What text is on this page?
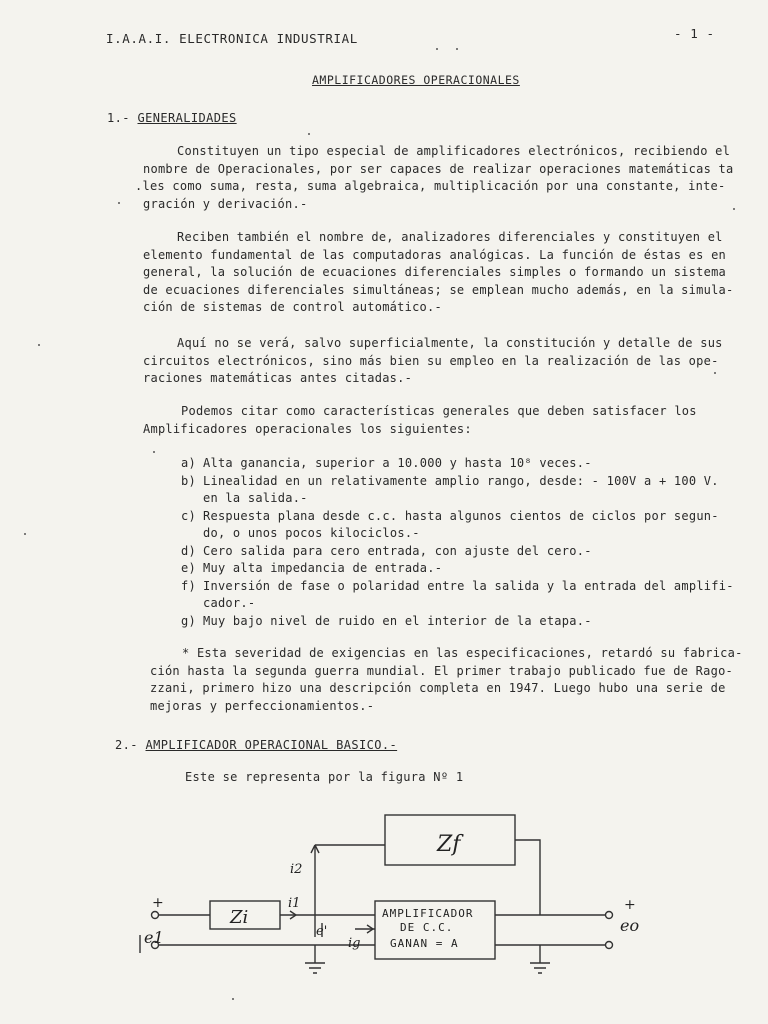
I.A.A.I. ELECTRONICA INDUSTRIAL	- 1 -
AMPLIFICADORES OPERACIONALES
1.- GENERALIDADES

Constituyen un tipo especial de amplificadores electrónicos, recibiendo el

nombre de Operacionales, por ser capaces de realizar operaciones matemáticas ta

.les como suma, resta, suma algebraica, multiplicación por una constante, inte-

gración y derivación.-

Reciben también el nombre de, analizadores diferenciales y constituyen el

elemento fundamental de las computadoras analógicas. La función de éstas es en

general, la solución de ecuaciones diferenciales simples o formando un sistema

de ecuaciones diferenciales simultáneas; se emplean mucho además, en la simula-

ción de sistemas de control automático.-

Aquí no se verá, salvo superficialmente, la constitución y detalle de sus

circuitos electrónicos, sino más bien su empleo en la realización de las ope-

raciones matemáticas antes citadas.-

Podemos citar como características generales que deben satisfacer los

Amplificadores operacionales los siguientes:

a) Alta ganancia, superior a 10.000 y hasta 10⁸ veces.-
b) Linealidad en un relativamente amplio rango, desde: - 100V a + 100 V.
en la salida.-
c) Respuesta plana desde c.c. hasta algunos cientos de ciclos por segun-
do, o unos pocos kilociclos.-
d) Cero salida para cero entrada, con ajuste del cero.-
e) Muy alta impedancia de entrada.-
f) Inversión de fase o polaridad entre la salida y la entrada del amplifi-
cador.-
g) Muy bajo nivel de ruido en el interior de la etapa.-

* Esta severidad de exigencias en las especificaciones, retardó su fabrica-

ción hasta la segunda guerra mundial. El primer trabajo publicado fue de Rago-

zzani, primero hizo una descripción completa en 1947. Luego hubo una serie de

mejoras y perfeccionamientos.-

2.- AMPLIFICADOR OPERACIONAL BASICO.-
Este se representa por la figura Nº 1
Zf
Zi	AMPLIFICADOR
DE C.C.
GANAN = A
i1
i2
ig
e'
e1
eo
+	+
